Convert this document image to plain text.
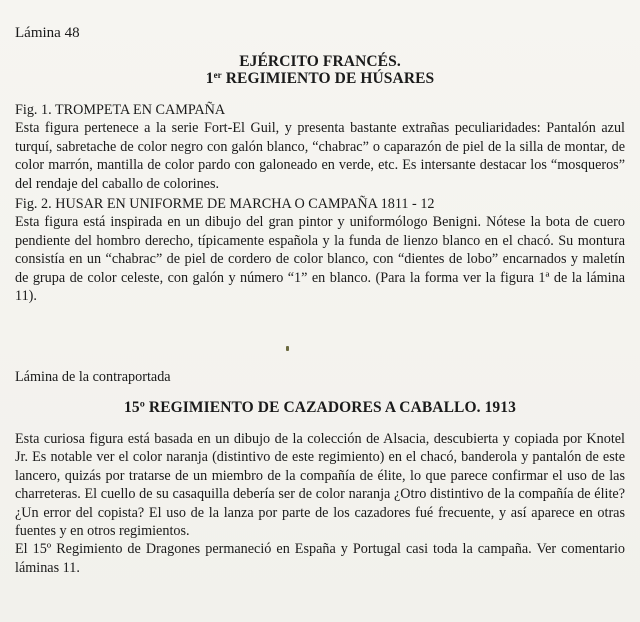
Lámina 48
EJÉRCITO FRANCÉS.
1er REGIMIENTO DE HÚSARES
Fig. 1. TROMPETA EN CAMPAÑA

Esta figura pertenece a la serie Fort-El Guil, y presenta bastante extrañas peculiaridades: Pantalón azul turquí, sabretache de color negro con galón blanco, “chabrac” o caparazón de piel de la silla de montar, de color marrón, mantilla de color pardo con galoneado en verde, etc. Es intersante destacar los “mosqueros” del rendaje del caballo de colorines.

Fig. 2. HUSAR EN UNIFORME DE MARCHA O CAMPAÑA 1811 - 12

Esta figura está inspirada en un dibujo del gran pintor y uniformólogo Benigni. Nótese la bota de cuero pendiente del hombro derecho, típicamente española y la funda de lienzo blanco en el chacó. Su montura consistía en un “chabrac” de piel de cordero de color blanco, con “dientes de lobo” encarnados y maletín de grupa de color celeste, con galón y número “1” en blanco. (Para la forma ver la figura 1ª de la lámina 11).

Lámina de la contraportada
15º REGIMIENTO DE CAZADORES A CABALLO. 1913

Esta curiosa figura está basada en un dibujo de la colección de Alsacia, descubierta y copiada por Knotel Jr. Es notable ver el color naranja (distintivo de este regimiento) en el chacó, banderola y pantalón de este lancero, quizás por tratarse de un miembro de la compañía de élite, lo que parece confirmar el uso de las charreteras. El cuello de su casaquilla debería ser de color naranja ¿Otro distintivo de la compañía de élite? ¿Un error del copista? El uso de la lanza por parte de los cazadores fué frecuente, y así aparece en otras fuentes y en otros regimientos.

El 15º Regimiento de Dragones permaneció en España y Portugal casi toda la campaña. Ver comentario láminas 11.
